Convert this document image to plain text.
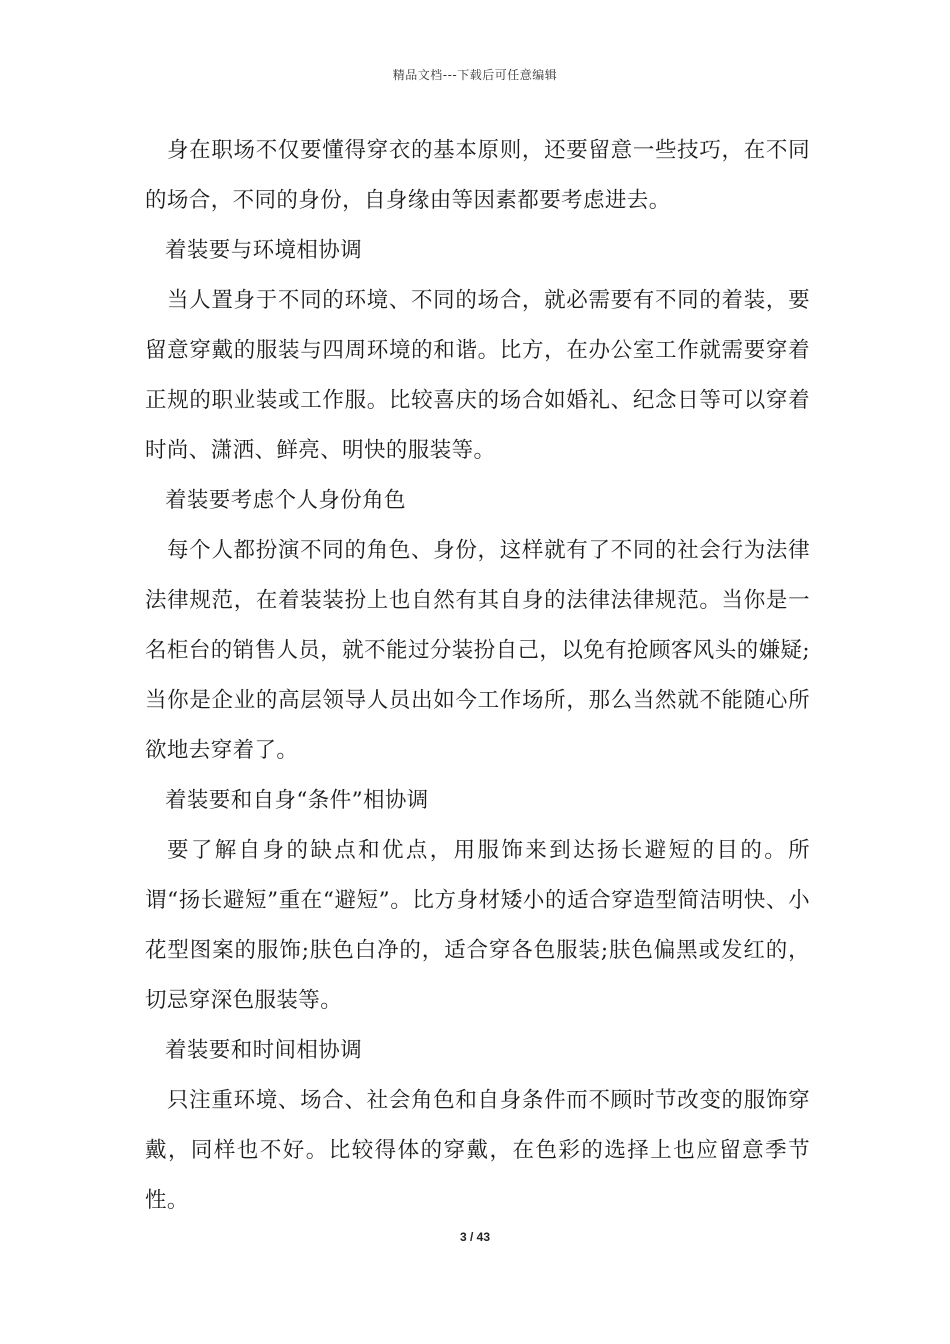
精品文档---下载后可任意编辑

身在职场不仅要懂得穿衣的基本原则，还要留意一些技巧，在不同的场合，不同的身份，自身缘由等因素都要考虑进去。

着装要与环境相协调

当人置身于不同的环境、不同的场合，就必需要有不同的着装，要留意穿戴的服装与四周环境的和谐。比方，在办公室工作就需要穿着正规的职业装或工作服。比较喜庆的场合如婚礼、纪念日等可以穿着时尚、潇洒、鲜亮、明快的服装等。

着装要考虑个人身份角色

每个人都扮演不同的角色、身份，这样就有了不同的社会行为法律法律规范，在着装装扮上也自然有其自身的法律法律规范。当你是一名柜台的销售人员，就不能过分装扮自己，以免有抢顾客风头的嫌疑;当你是企业的高层领导人员出如今工作场所，那么当然就不能随心所欲地去穿着了。

着装要和自身“条件”相协调

要了解自身的缺点和优点，用服饰来到达扬长避短的目的。所谓“扬长避短”重在“避短”。比方身材矮小的适合穿造型简洁明快、小花型图案的服饰;肤色白净的，适合穿各色服装;肤色偏黑或发红的，切忌穿深色服装等。

着装要和时间相协调

只注重环境、场合、社会角色和自身条件而不顾时节改变的服饰穿戴，同样也不好。比较得体的穿戴，在色彩的选择上也应留意季节性。

3 / 43
